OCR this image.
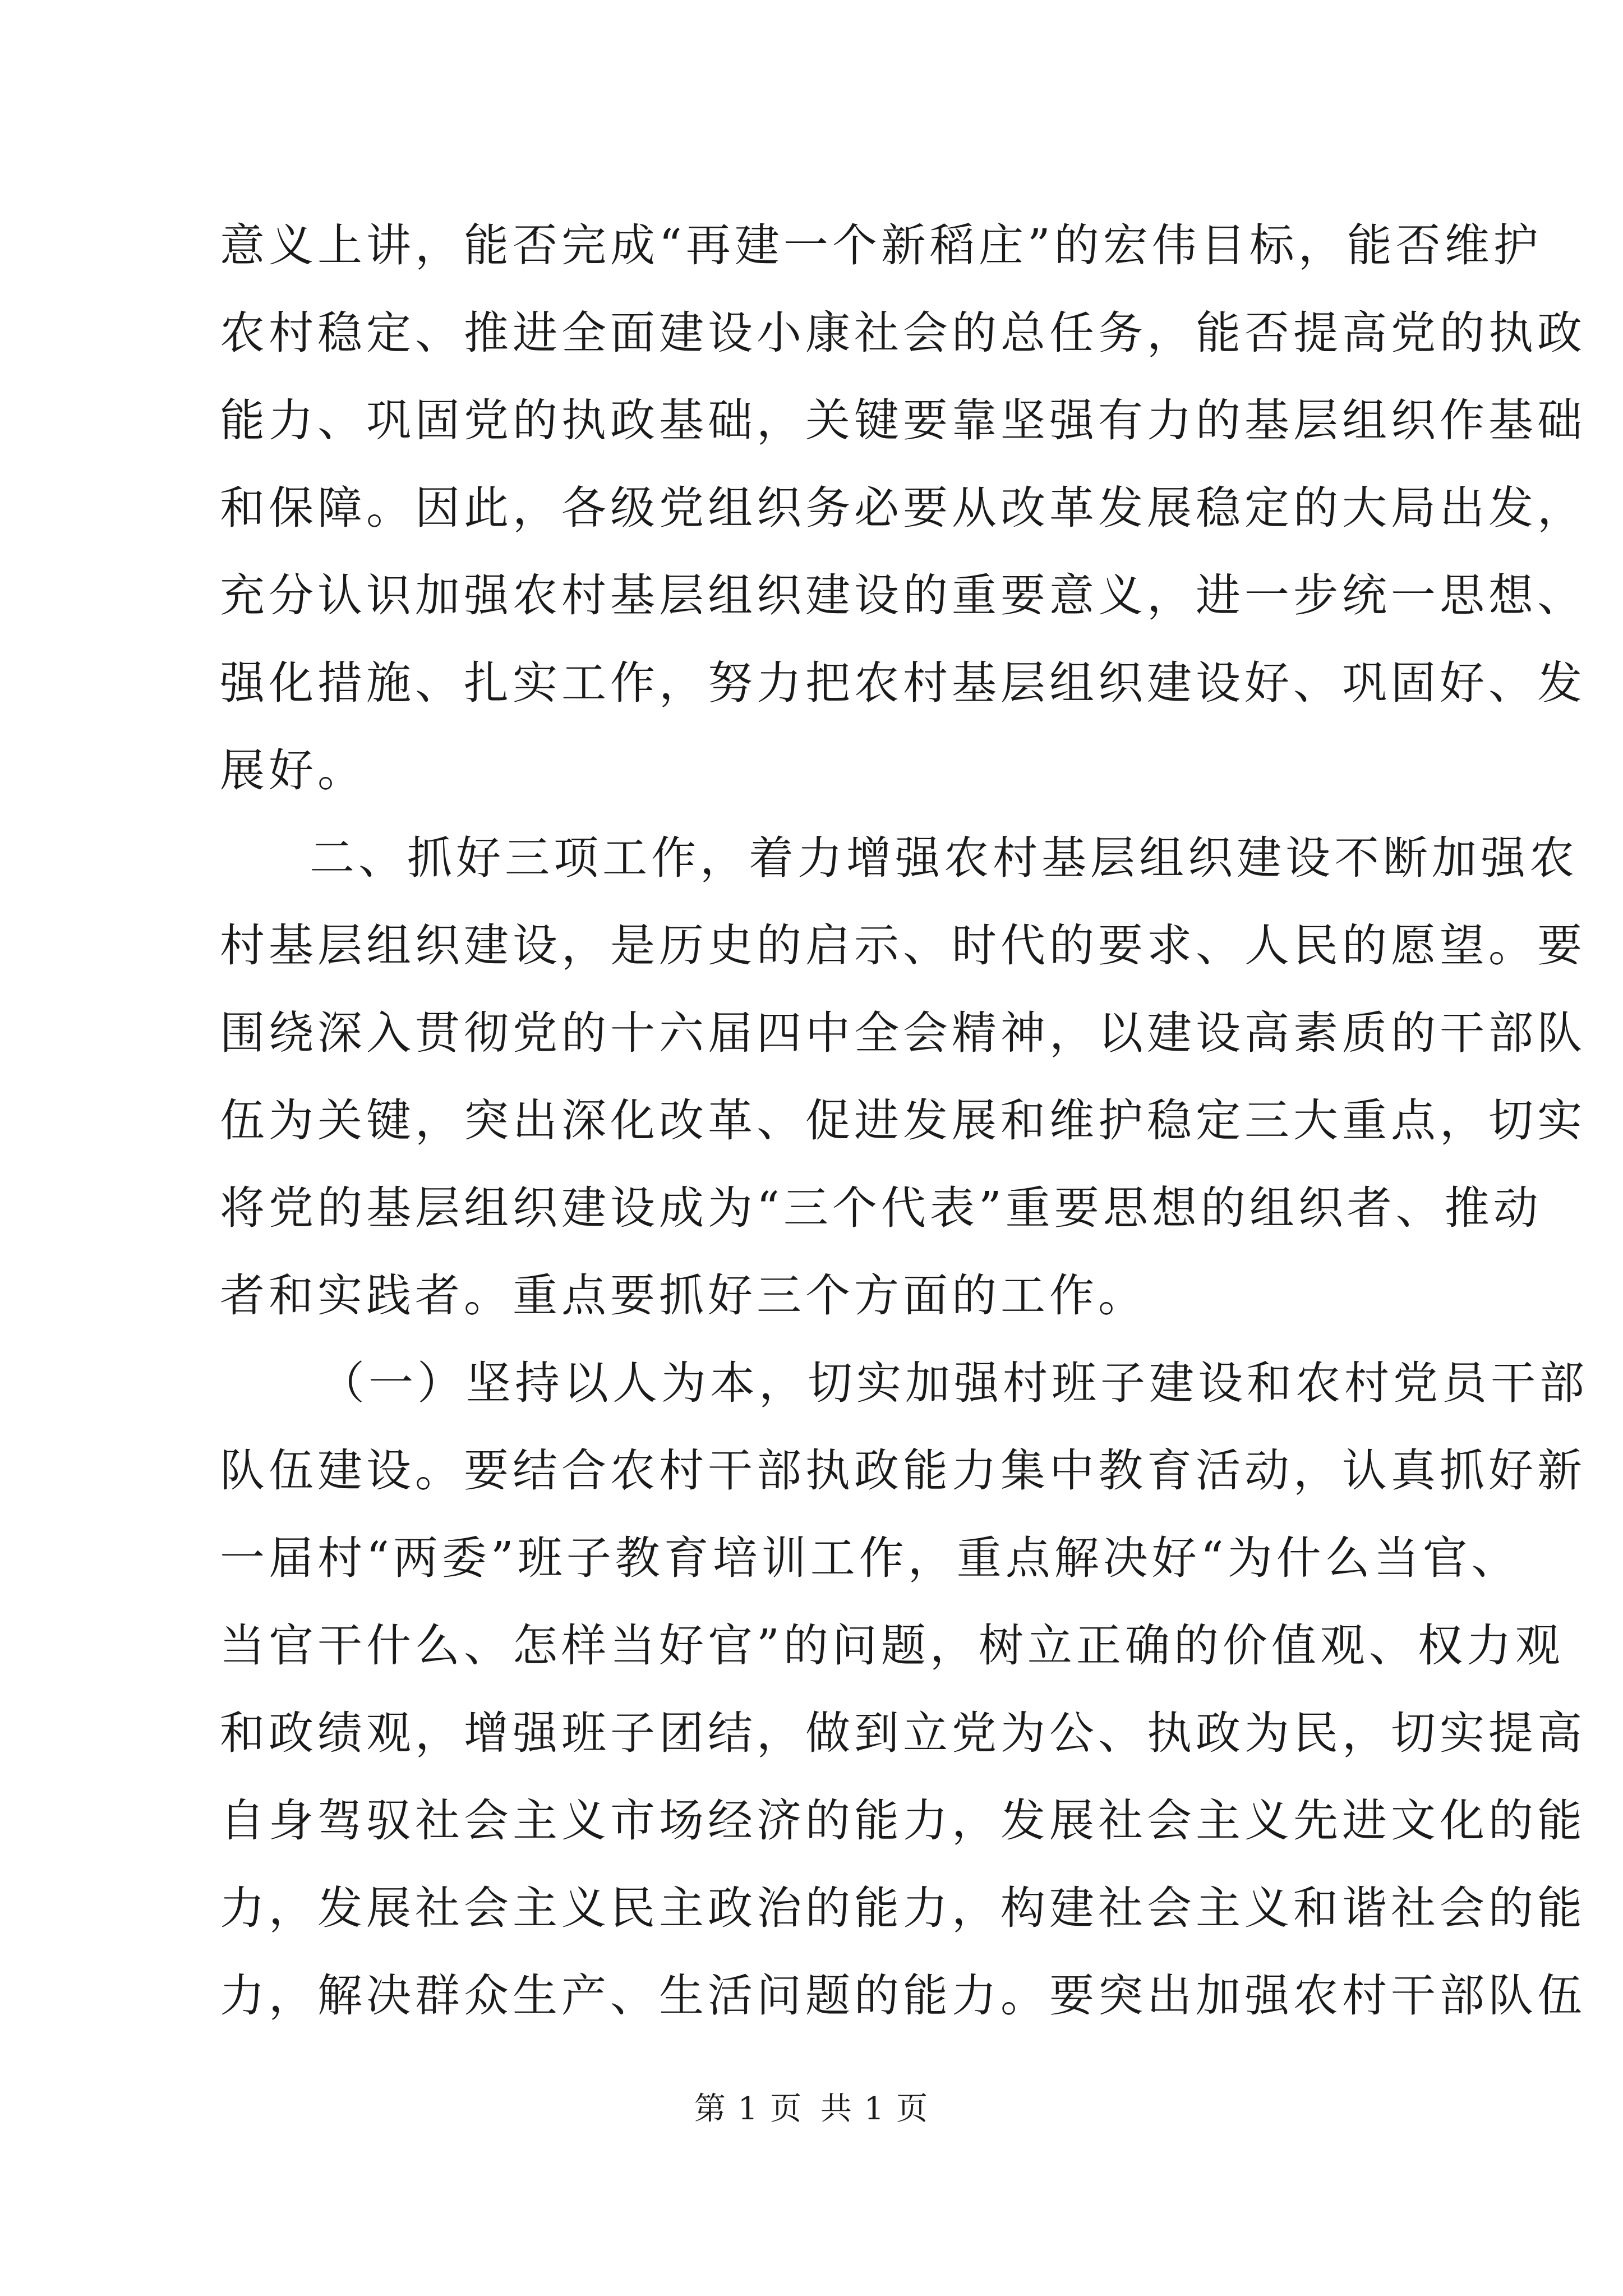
意义上讲，能否完成“再建一个新稻庄”的宏伟目标，能否维护
农村稳定、推进全面建设小康社会的总任务，能否提高党的执政
能力、巩固党的执政基础，关键要靠坚强有力的基层组织作基础
和保障。因此，各级党组织务必要从改革发展稳定的大局出发，
充分认识加强农村基层组织建设的重要意义，进一步统一思想、
强化措施、扎实工作，努力把农村基层组织建设好、巩固好、发
展好。
二、抓好三项工作，着力增强农村基层组织建设不断加强农
村基层组织建设，是历史的启示、时代的要求、人民的愿望。要
围绕深入贯彻党的十六届四中全会精神，以建设高素质的干部队
伍为关键，突出深化改革、促进发展和维护稳定三大重点，切实
将党的基层组织建设成为“三个代表”重要思想的组织者、推动
者和实践者。重点要抓好三个方面的工作。
（一）坚持以人为本，切实加强村班子建设和农村党员干部
队伍建设。要结合农村干部执政能力集中教育活动，认真抓好新
一届村“两委”班子教育培训工作，重点解决好“为什么当官、
当官干什么、怎样当好官”的问题，树立正确的价值观、权力观
和政绩观，增强班子团结，做到立党为公、执政为民，切实提高
自身驾驭社会主义市场经济的能力，发展社会主义先进文化的能
力，发展社会主义民主政治的能力，构建社会主义和谐社会的能
力，解决群众生产、生活问题的能力。要突出加强农村干部队伍
第 1 页 共 1 页
